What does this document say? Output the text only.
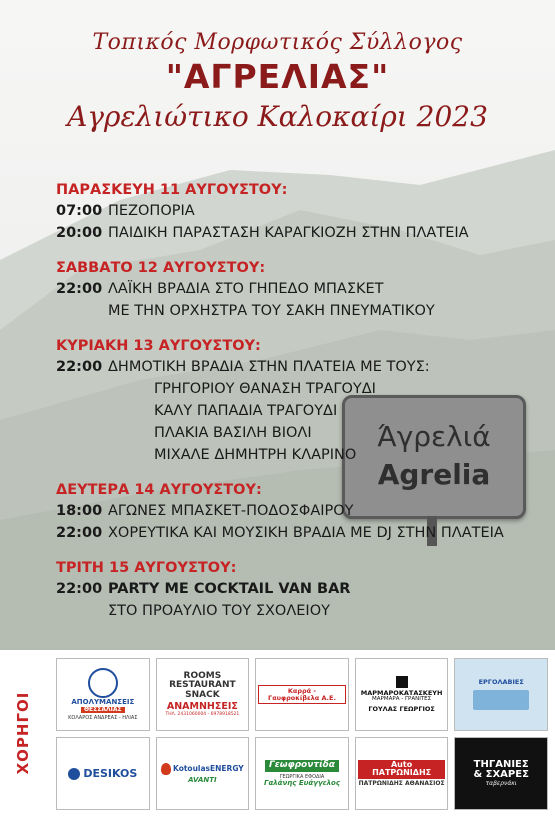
Τοπικός Μορφωτικός Σύλλογος
"ΑΓΡΕΛΙΑΣ"
Αγρελιώτικο Καλοκαίρι 2023
Άγρελιά
Agrelia
ΠΑΡΑΣΚΕΥΗ 11 ΑΥΓΟΥΣΤΟΥ:
07:00 ΠΕΖΟΠΟΡΙΑ
20:00 ΠΑΙΔΙΚΗ ΠΑΡΑΣΤΑΣΗ ΚΑΡΑΓΚΙΟΖΗ ΣΤΗΝ ΠΛΑΤΕΙΑ
ΣΑΒΒΑΤΟ 12 ΑΥΓΟΥΣΤΟΥ:
22:00 ΛΑΪΚΗ ΒΡΑΔΙΑ ΣΤΟ ΓΗΠΕΔΟ ΜΠΑΣΚΕΤ
ΜΕ ΤΗΝ ΟΡΧΗΣΤΡΑ ΤΟΥ ΣΑΚΗ ΠΝΕΥΜΑΤΙΚΟΥ
ΚΥΡΙΑΚΗ 13 ΑΥΓΟΥΣΤΟΥ:
22:00 ΔΗΜΟΤΙΚΗ ΒΡΑΔΙΑ ΣΤΗΝ ΠΛΑΤΕΙΑ ΜΕ ΤΟΥΣ:
ΓΡΗΓΟΡΙΟΥ ΘΑΝΑΣΗ ΤΡΑΓΟΥΔΙ
ΚΑΛΥ ΠΑΠΑΔΙΑ ΤΡΑΓΟΥΔΙ
ΠΛΑΚΙΑ ΒΑΣΙΛΗ ΒΙΟΛΙ
ΜΙΧΑΛΕ ΔΗΜΗΤΡΗ ΚΛΑΡΙΝΟ
ΔΕΥΤΕΡΑ 14 ΑΥΓΟΥΣΤΟΥ:
18:00 ΑΓΩΝΕΣ ΜΠΑΣΚΕΤ-ΠΟΔΟΣΦΑΙΡΟΥ
22:00 ΧΟΡΕΥΤΙΚΑ ΚΑΙ ΜΟΥΣΙΚΗ ΒΡΑΔΙΑ ΜΕ DJ ΣΤΗΝ ΠΛΑΤΕΙΑ
ΤΡΙΤΗ 15 ΑΥΓΟΥΣΤΟΥ:
22:00 PARTY ΜΕ COCKTAIL VAN BAR
ΣΤΟ ΠΡΟΑΥΛΙΟ ΤΟΥ ΣΧΟΛΕΙΟΥ
ΧΟΡΗΓΟΙ	ΑΠΟΛΥΜΑΝΣΕΙΣ
ΘΕΣΣΑΛΙΑΣ
ΚΟΛΑΡΟΣ ΑΝΔΡΕΑΣ - ΗΛΙΑΣ
ROOMS
RESTAURANT
SNACK
ΑΝΑΜΝΗΣΕΙΣ
ΤΗΛ. 2431060004 - 6978918521
Καρρά - Γαυφροκίβελα Α.Ε.
ΜΑΡΜΑΡΟΚΑΤΑΣΚΕΥΗ
ΜΑΡΜΑΡΑ - ΓΡΑΝΙΤΕΣ
ΓΟΥΛΑΣ ΓΕΩΡΓΙΟΣ
ΕΡΓΟΛΑΒΙΕΣ
DESIKOS	KotoulasENERGY
AVANTI
Γεωφροντίδα
ΓΕΩΡΓΙΚΑ ΕΦΟΔΙΑ
Γαλάνης Ευάγγελος
Auto ΠΑΤΡΩΝΙΔΗΣ
ΠΑΤΡΩΝΙΔΗΣ ΑΘΑΝΑΣΙΟΣ
ΤΗΓΑΝΙΕΣ
& ΣΧΑΡΕΣ
ταβερνάκι
